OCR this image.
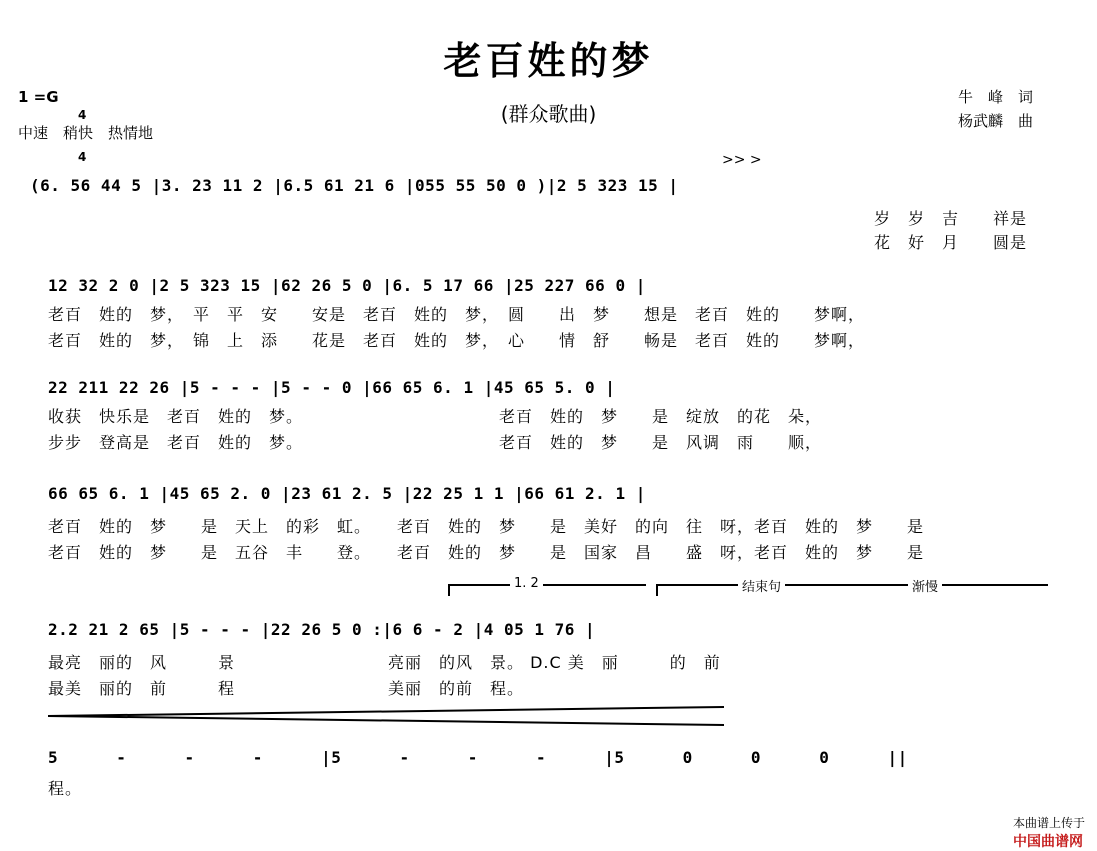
老百姓的梦
(群众歌曲)
1 =G

4

4

中速　稍快　热情地
牛　峰　词
杨武麟　曲
>> >
(6. 56 44 5 |3. 23 11 2 |6.5 61 21 6 |055 55 50 0 )|2 5 323 15 |
岁　岁　吉　　祥是
花　好　月　　圆是
12 32 2 0 |2 5 323 15 |62 26 5 0 |6. 5 17 66 |25 227 66 0 |
老百　姓的　梦，　平　平　安　　安是　老百　姓的　梦，　圆　　出　梦　　想是　老百　姓的　　梦啊，
老百　姓的　梦，　锦　上　添　　花是　老百　姓的　梦，　心　　情　舒　　畅是　老百　姓的　　梦啊，
22 211 22 26 |5 - - - |5 - - 0 |66 65 6. 1 |45 65 5. 0 |
收获　快乐是　老百　姓的　梦。　　　　　　　　　　　　老百　姓的　梦　　是　绽放　的花　朵，
步步　登高是　老百　姓的　梦。　　　　　　　　　　　　老百　姓的　梦　　是　风调　雨　　顺，
66 65 6. 1 |45 65 2. 0 |23 61 2. 5 |22 25 1 1 |66 61 2. 1 |
老百　姓的　梦　　是　天上　的彩　虹。　　老百　姓的　梦　　是　美好　的向　往　呀，老百　姓的　梦　　是
老百　姓的　梦　　是　五谷　丰　　登。　　老百　姓的　梦　　是　国家　昌　　盛　呀，老百　姓的　梦　　是
1. 2	结束句	渐慢
2.2 21 2 65 |5 - - - |22 26 5 0 :|6 6 - 2 |4 05 1 76 |
最亮　丽的　风　　　景　　　　　　　　　亮丽　的风　景。 D.C 美　丽　　　的　前
最美　丽的　前　　　程　　　　　　　　　美丽　的前　程。
5 - - - |5 - - - |5 0 0 0 ||
程。

本曲谱上传于
中国曲谱网
